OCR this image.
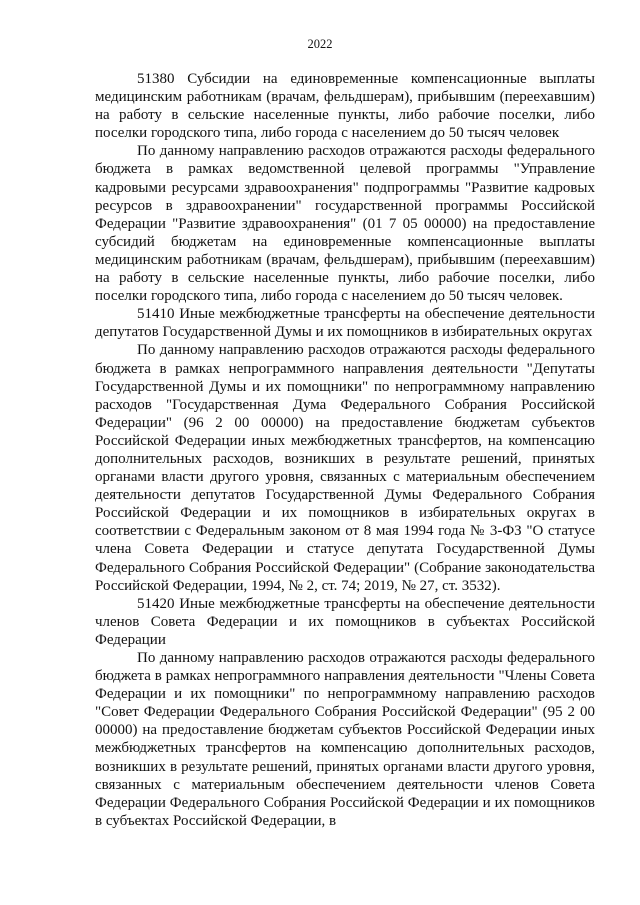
2022

51380 Субсидии на единовременные компенсационные выплаты медицинским работникам (врачам, фельдшерам), прибывшим (переехавшим) на работу в сельские населенные пункты, либо рабочие поселки, либо поселки городского типа, либо города с населением до 50 тысяч человек

По данному направлению расходов отражаются расходы федерального бюджета в рамках ведомственной целевой программы "Управление кадровыми ресурсами здравоохранения" подпрограммы "Развитие кадровых ресурсов в здравоохранении" государственной программы Российской Федерации "Развитие здравоохранения" (01 7 05 00000) на предоставление субсидий бюджетам на единовременные компенсационные выплаты медицинским работникам (врачам, фельдшерам), прибывшим (переехавшим) на работу в сельские населенные пункты, либо рабочие поселки, либо поселки городского типа, либо города с населением до 50 тысяч человек.

51410 Иные межбюджетные трансферты на обеспечение деятельности депутатов Государственной Думы и их помощников в избирательных округах

По данному направлению расходов отражаются расходы федерального бюджета в рамках непрограммного направления деятельности "Депутаты Государственной Думы и их помощники" по непрограммному направлению расходов "Государственная Дума Федерального Собрания Российской Федерации" (96 2 00 00000) на предоставление бюджетам субъектов Российской Федерации иных межбюджетных трансфертов, на компенсацию дополнительных расходов, возникших в результате решений, принятых органами власти другого уровня, связанных с материальным обеспечением деятельности депутатов Государственной Думы Федерального Собрания Российской Федерации и их помощников в избирательных округах в соответствии с Федеральным законом от 8 мая 1994 года № 3-ФЗ "О статусе члена Совета Федерации и статусе депутата Государственной Думы Федерального Собрания Российской Федерации" (Собрание законодательства Российской Федерации, 1994, № 2, ст. 74; 2019, № 27, ст. 3532).

51420 Иные межбюджетные трансферты на обеспечение деятельности членов Совета Федерации и их помощников в субъектах Российской Федерации

По данному направлению расходов отражаются расходы федерального бюджета в рамках непрограммного направления деятельности "Члены Совета Федерации и их помощники" по непрограммному направлению расходов "Совет Федерации Федерального Собрания Российской Федерации" (95 2 00 00000) на предоставление бюджетам субъектов Российской Федерации иных межбюджетных трансфертов на компенсацию дополнительных расходов, возникших в результате решений, принятых органами власти другого уровня, связанных с материальным обеспечением деятельности членов Совета Федерации Федерального Собрания Российской Федерации и их помощников в субъектах Российской Федерации, в
